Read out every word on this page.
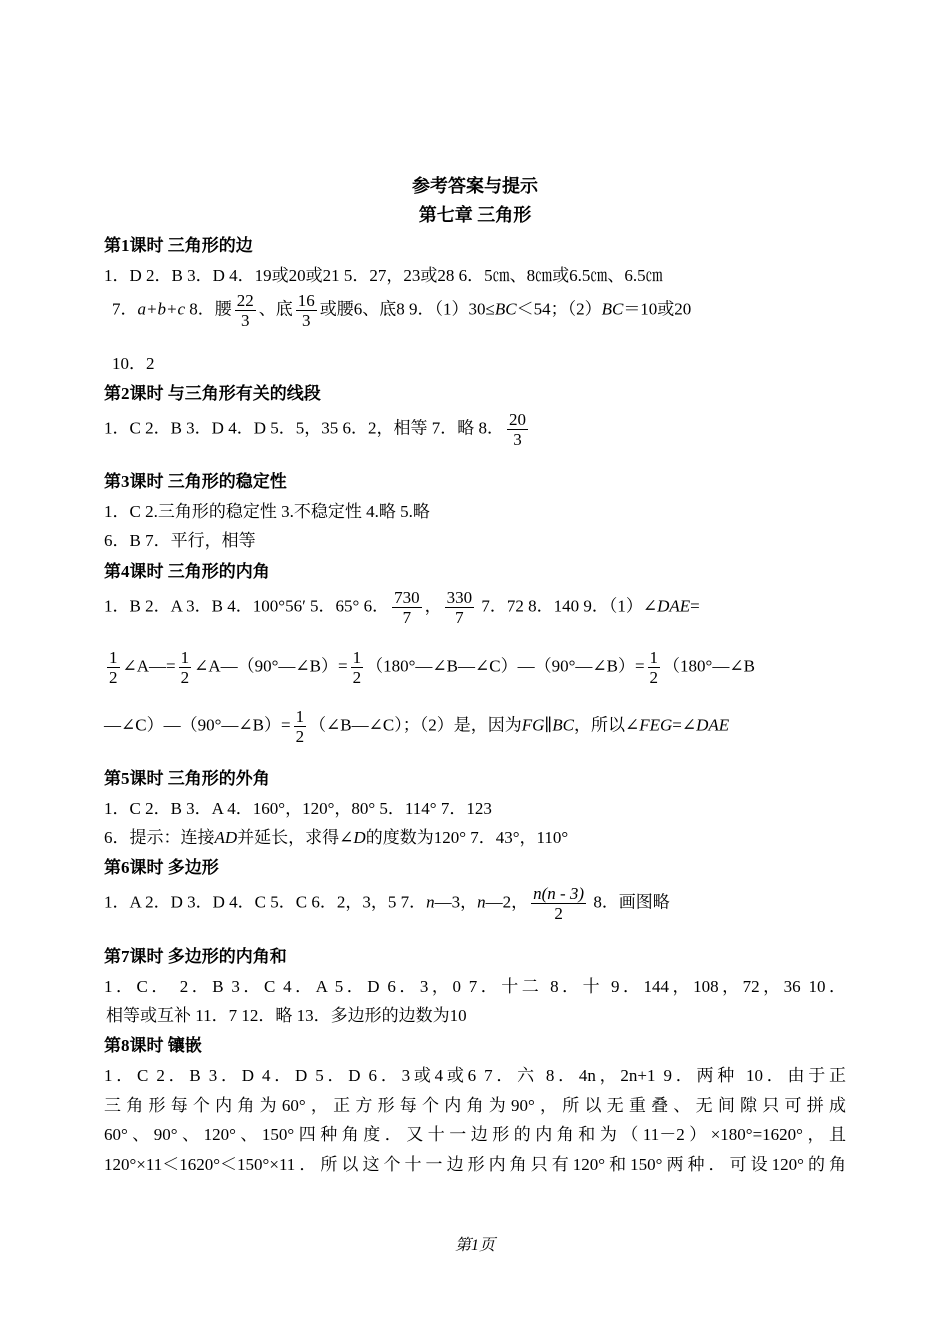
参考答案与提示
第七章 三角形
第1课时 三角形的边
1．D 2．B 3．D 4．19或20或21 5．27，23或28 6．5㎝、8㎝或6.5㎝、6.5㎝
7．a+b+c 8．腰 $\frac{22}{3}$ 、底 $\frac{16}{3}$ 或腰6、底8 9．（1）30≤BC＜54；（2）BC＝10或20
10．2
第2课时 与三角形有关的线段
1．C 2．B 3．D 4．D 5．5，35 6．2，相等 7．略 8． $\frac{20}{3}$
第3课时 三角形的稳定性
1．C 2.三角形的稳定性 3.不稳定性 4.略 5.略
6．B 7．平行，相等
第4课时 三角形的内角
1．B 2．A 3．B 4．100°56′ 5．65° 6． $\frac{730}{7}$ ， $\frac{330}{7} 7$．72 8．140 9．（1）∠DAE=
$\frac{1}{2}$ ∠A—= $\frac{1}{2}$ ∠A—（90°—∠B）= $\frac{1}{2}$ （180°—∠B—∠C）—（90°—∠B）= $\frac{1}{2}$ （180°—∠B
—∠C）—（90°—∠B）= $\frac{1}{2}$ （∠B—∠C）；（2）是，因为FG∥BC，所以∠FEG=∠DAE
第5课时 三角形的外角
1．C 2．B 3．A 4．160°，120°，80° 5．114° 7．123
6．提示：连接AD并延长，求得∠D的度数为120° 7．43°，110°
第6课时 多边形
1．A 2．D 3．D 4．C 5．C 6．2，3，5 7．n—3，n—2， $\frac{n(n - 3)}{2} 8$．画图略
第7课时 多边形的内角和
1．C． 2．B 3．C 4．A 5．D 6．3，0 7．十二 8．十 9．144，108，72，36 10．
相等或互补 11．7 12．略 13．多边形的边数为10
第8课时 镶嵌
1．C 2．B 3．D 4．D 5．D 6．3或4或6 7．六 8．4n，2n+1 9．两种 10．由于正
三角形每个内角为60°，正方形每个内角为90°，所以无重叠、无间隙只可拼成
60°、90°、120°、150°四种角度．又十一边形的内角和为（11－2）×180°=1620°，且
120°×11＜1620°＜150°×11．所以这个十一边形内角只有120°和150°两种．可设120°的角
第1页
